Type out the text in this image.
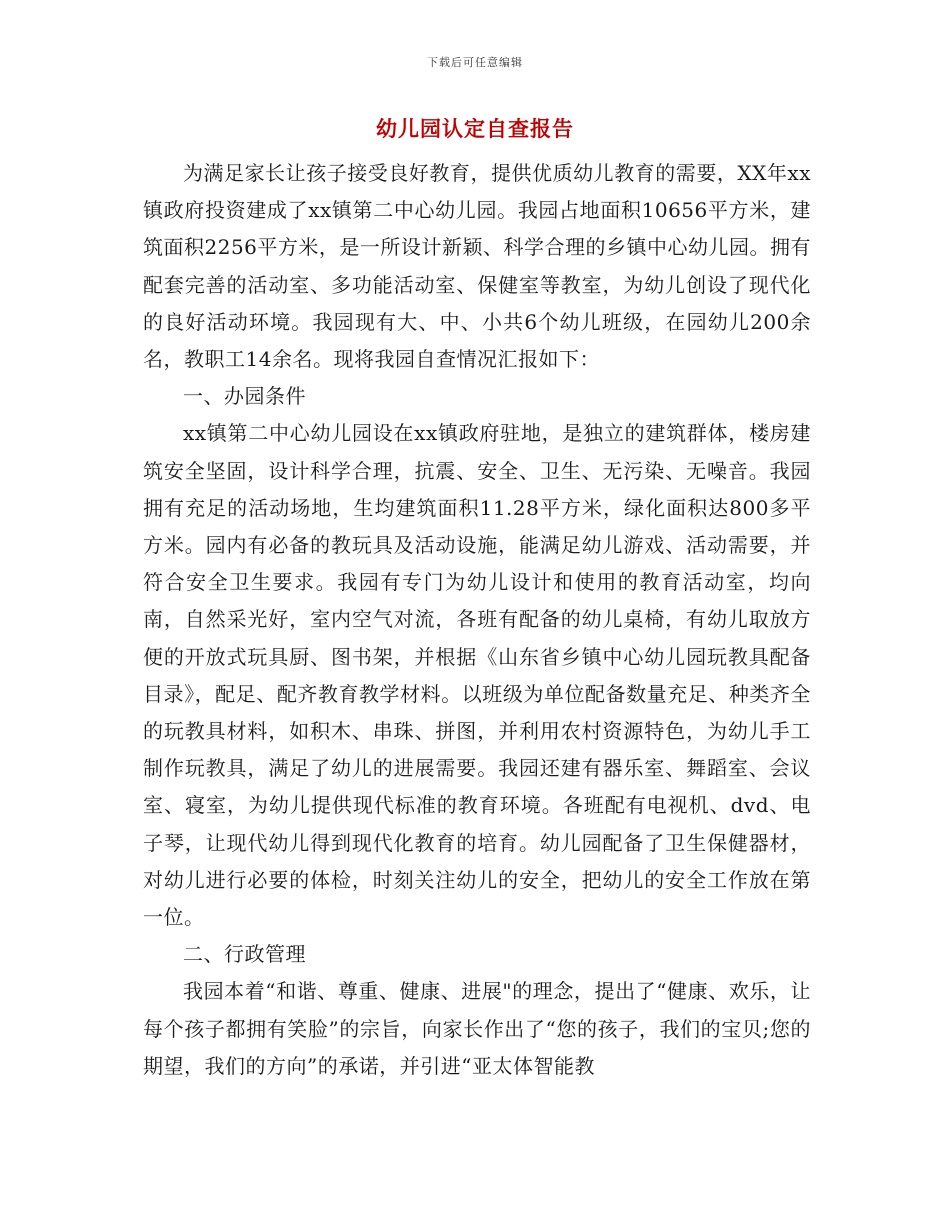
下载后可任意编辑
幼儿园认定自查报告

为满足家长让孩子接受良好教育，提供优质幼儿教育的需要，XX年xx镇政府投资建成了xx镇第二中心幼儿园。我园占地面积10656平方米，建筑面积2256平方米，是一所设计新颖、科学合理的乡镇中心幼儿园。拥有配套完善的活动室、多功能活动室、保健室等教室，为幼儿创设了现代化的良好活动环境。我园现有大、中、小共6个幼儿班级，在园幼儿200余名，教职工14余名。现将我园自查情况汇报如下：

一、办园条件

xx镇第二中心幼儿园设在xx镇政府驻地，是独立的建筑群体，楼房建筑安全坚固，设计科学合理，抗震、安全、卫生、无污染、无噪音。我园拥有充足的活动场地，生均建筑面积11.28平方米，绿化面积达800多平方米。园内有必备的教玩具及活动设施，能满足幼儿游戏、活动需要，并符合安全卫生要求。我园有专门为幼儿设计和使用的教育活动室，均向南，自然采光好，室内空气对流，各班有配备的幼儿桌椅，有幼儿取放方便的开放式玩具厨、图书架，并根据《山东省乡镇中心幼儿园玩教具配备目录》，配足、配齐教育教学材料。以班级为单位配备数量充足、种类齐全的玩教具材料，如积木、串珠、拼图，并利用农村资源特色，为幼儿手工制作玩教具，满足了幼儿的进展需要。我园还建有器乐室、舞蹈室、会议室、寝室，为幼儿提供现代标准的教育环境。各班配有电视机、dvd、电子琴，让现代幼儿得到现代化教育的培育。幼儿园配备了卫生保健器材，对幼儿进行必要的体检，时刻关注幼儿的安全，把幼儿的安全工作放在第一位。

二、行政管理

我园本着“和谐、尊重、健康、进展"的理念，提出了“健康、欢乐，让每个孩子都拥有笑脸”的宗旨，向家长作出了“您的孩子，我们的宝贝;您的期望，我们的方向”的承诺，并引进“亚太体智能教
